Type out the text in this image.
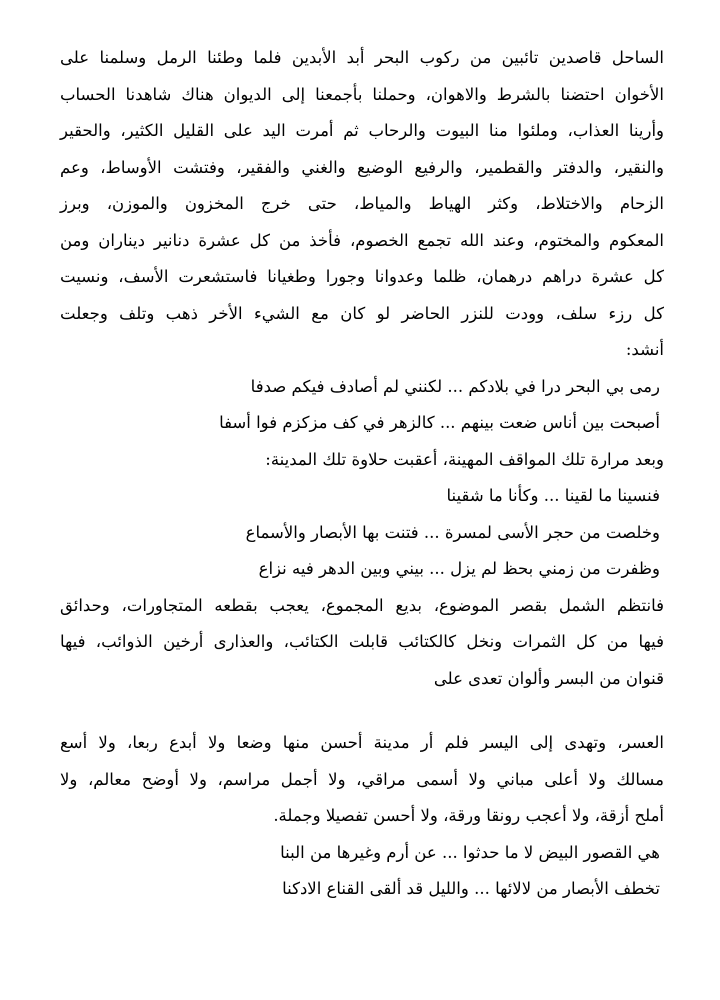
الساحل قاصدين تائبين من ركوب البحر أبد الأبدين فلما وطئنا الرمل وسلمنا على
الأخوان احتضنا بالشرط والاهوان، وحملنا بأجمعنا إلى الديوان هناك شاهدنا الحساب
وأرينا العذاب، وملئوا منا البيوت والرحاب ثم أمرت اليد على القليل الكثير، والحقير
والنقير، والدفتر والقطمير، والرفيع الوضيع والغني والفقير، وفتشت الأوساط، وعم
الزحام والاختلاط، وكثر الهياط والمياط، حتى خرج المخزون والموزن، وبرز
المعكوم والمختوم، وعند الله تجمع الخصوم، فأخذ من كل عشرة دنانير ديناران ومن
كل عشرة دراهم درهمان، ظلما وعدوانا وجورا وطغيانا فاستشعرت الأسف، ونسيت
كل رزء سلف، وودت للنزر الحاضر لو كان مع الشيء الأخر ذهب وتلف وجعلت
أنشد:
رمى بي البحر درا في بلادكم ... لكنني لم أصادف فيكم صدفا
أصبحت بين أناس ضعت بينهم ... كالزهر في كف مزكزم فوا أسفا
وبعد مرارة تلك المواقف المهينة، أعقبت حلاوة تلك المدينة:
فنسينا ما لقينا ... وكأنا ما شقينا
وخلصت من حجر الأسى لمسرة ... فتنت بها الأبصار والأسماع
وظفرت من زمني بحظ لم يزل ... بيني وبين الدهر فيه نزاع
فانتظم الشمل بقصر الموضوع، بديع المجموع، يعجب بقطعه المتجاورات، وحدائق
فيها من كل الثمرات ونخل كالكتائب قابلت الكتائب، والعذارى أرخين الذوائب، فيها
قنوان من البسر وألوان تعدى على
العسر، وتهدى إلى اليسر فلم أر مدينة أحسن منها وضعا ولا أبدع ربعا، ولا أسع
مسالك ولا أعلى مباني ولا أسمى مراقي، ولا أجمل مراسم، ولا أوضح معالم، ولا
أملح أزقة، ولا أعجب رونقا ورقة، ولا أحسن تفصيلا وجملة.
هي القصور البيض لا ما حدثوا ... عن أرم وغيرها من البنا
تخطف الأبصار من لالائها ... والليل قد ألقى القناع الادكنا
